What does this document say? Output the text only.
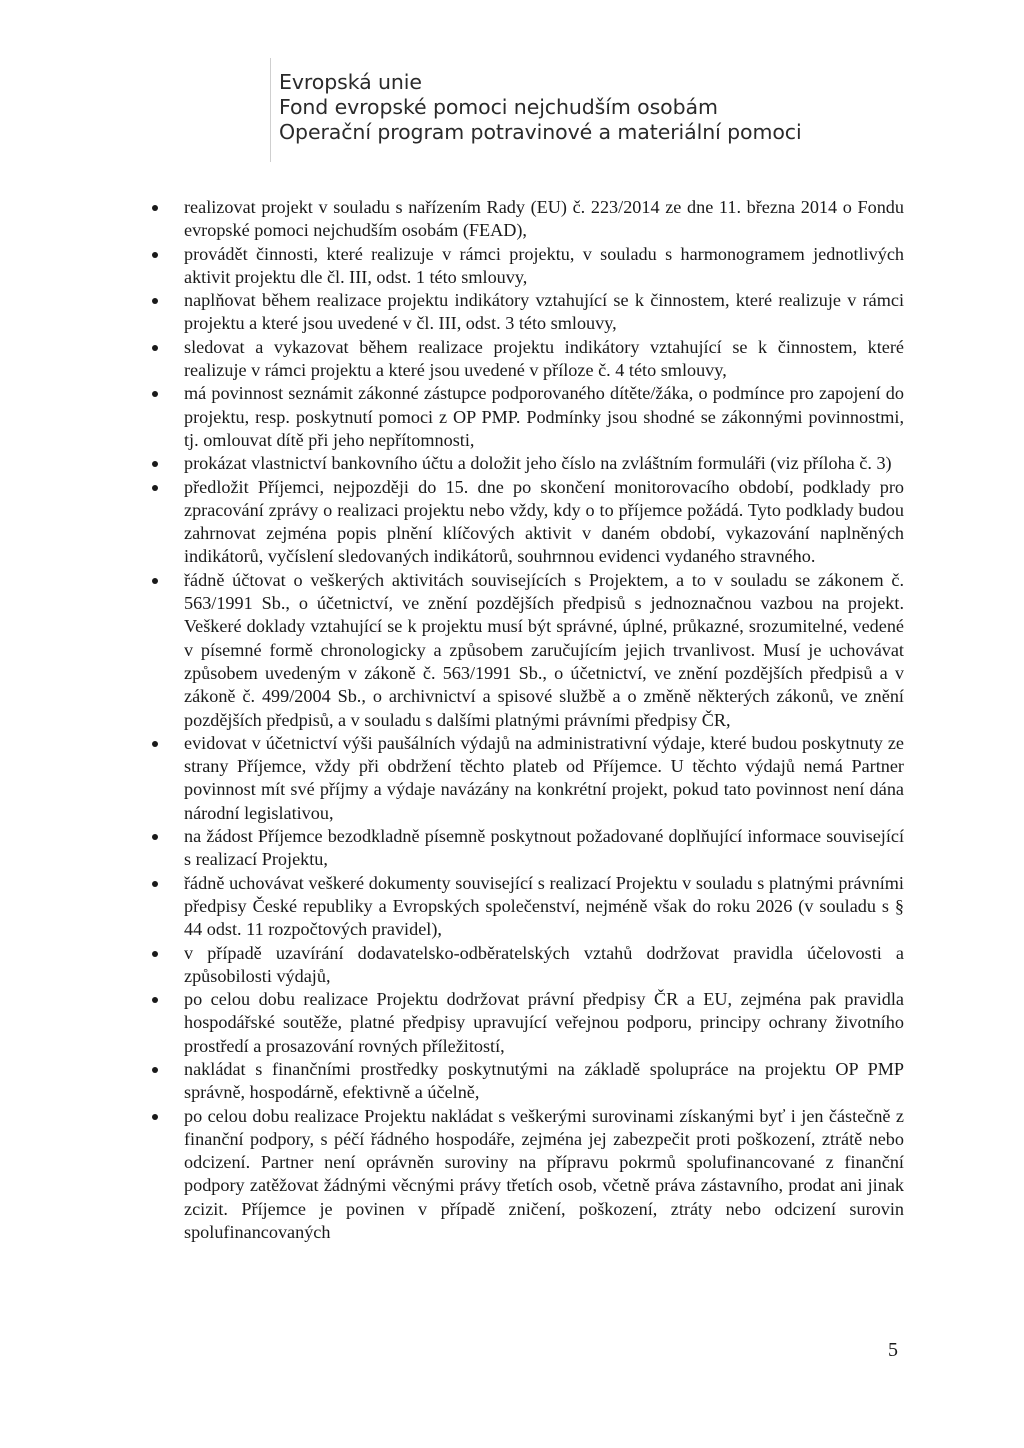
Evropská unie
Fond evropské pomoci nejchudším osobám
Operační program potravinové a materiální pomoci
realizovat projekt v souladu s nařízením Rady (EU) č. 223/2014 ze dne 11. března 2014 o Fondu evropské pomoci nejchudším osobám (FEAD),
provádět činnosti, které realizuje v rámci projektu, v souladu s harmonogramem jednotlivých aktivit projektu dle čl. III, odst. 1 této smlouvy,
naplňovat během realizace projektu indikátory vztahující se k činnostem, které realizuje v rámci projektu a které jsou uvedené v čl. III, odst. 3 této smlouvy,
sledovat a vykazovat během realizace projektu indikátory vztahující se k činnostem, které realizuje v rámci projektu a které jsou uvedené v příloze č. 4 této smlouvy,
má povinnost seznámit zákonné zástupce podporovaného dítěte/žáka, o podmínce pro zapojení do projektu, resp. poskytnutí pomoci z OP PMP. Podmínky jsou shodné se zákonnými povinnostmi, tj. omlouvat dítě při jeho nepřítomnosti,
prokázat vlastnictví bankovního účtu a doložit jeho číslo na zvláštním formuláři (viz příloha č. 3)
předložit Příjemci, nejpozději do 15. dne po skončení monitorovacího období, podklady pro zpracování zprávy o realizaci projektu nebo vždy, kdy o to příjemce požádá. Tyto podklady budou zahrnovat zejména popis plnění klíčových aktivit v daném období, vykazování naplněných indikátorů, vyčíslení sledovaných indikátorů, souhrnnou evidenci vydaného stravného.
řádně účtovat o veškerých aktivitách souvisejících s Projektem, a to v souladu se zákonem č. 563/1991 Sb., o účetnictví, ve znění pozdějších předpisů s jednoznačnou vazbou na projekt. Veškeré doklady vztahující se k projektu musí být správné, úplné, průkazné, srozumitelné, vedené v písemné formě chronologicky a způsobem zaručujícím jejich trvanlivost. Musí je uchovávat způsobem uvedeným v zákoně č. 563/1991 Sb., o účetnictví, ve znění pozdějších předpisů a v zákoně č. 499/2004 Sb., o archivnictví a spisové službě a o změně některých zákonů, ve znění pozdějších předpisů, a v souladu s dalšími platnými právními předpisy ČR,
evidovat v účetnictví výši paušálních výdajů na administrativní výdaje, které budou poskytnuty ze strany Příjemce, vždy při obdržení těchto plateb od Příjemce. U těchto výdajů nemá Partner povinnost mít své příjmy a výdaje navázány na konkrétní projekt, pokud tato povinnost není dána národní legislativou,
na žádost Příjemce bezodkladně písemně poskytnout požadované doplňující informace související s realizací Projektu,
řádně uchovávat veškeré dokumenty související s realizací Projektu v souladu s platnými právními předpisy České republiky a Evropských společenství, nejméně však do roku 2026 (v souladu s § 44 odst. 11 rozpočtových pravidel),
v případě uzavírání dodavatelsko-odběratelských vztahů dodržovat pravidla účelovosti a způsobilosti výdajů,
po celou dobu realizace Projektu dodržovat právní předpisy ČR a EU, zejména pak pravidla hospodářské soutěže, platné předpisy upravující veřejnou podporu, principy ochrany životního prostředí a prosazování rovných příležitostí,
nakládat s finančními prostředky poskytnutými na základě spolupráce na projektu OP PMP správně, hospodárně, efektivně a účelně,
po celou dobu realizace Projektu nakládat s veškerými surovinami získanými byť i jen částečně z finanční podpory, s péčí řádného hospodáře, zejména jej zabezpečit proti poškození, ztrátě nebo odcizení. Partner není oprávněn suroviny na přípravu pokrmů spolufinancované z finanční podpory zatěžovat žádnými věcnými právy třetích osob, včetně práva zástavního, prodat ani jinak zcizit. Příjemce je povinen v případě zničení, poškození, ztráty nebo odcizení surovin spolufinancovaných
5
